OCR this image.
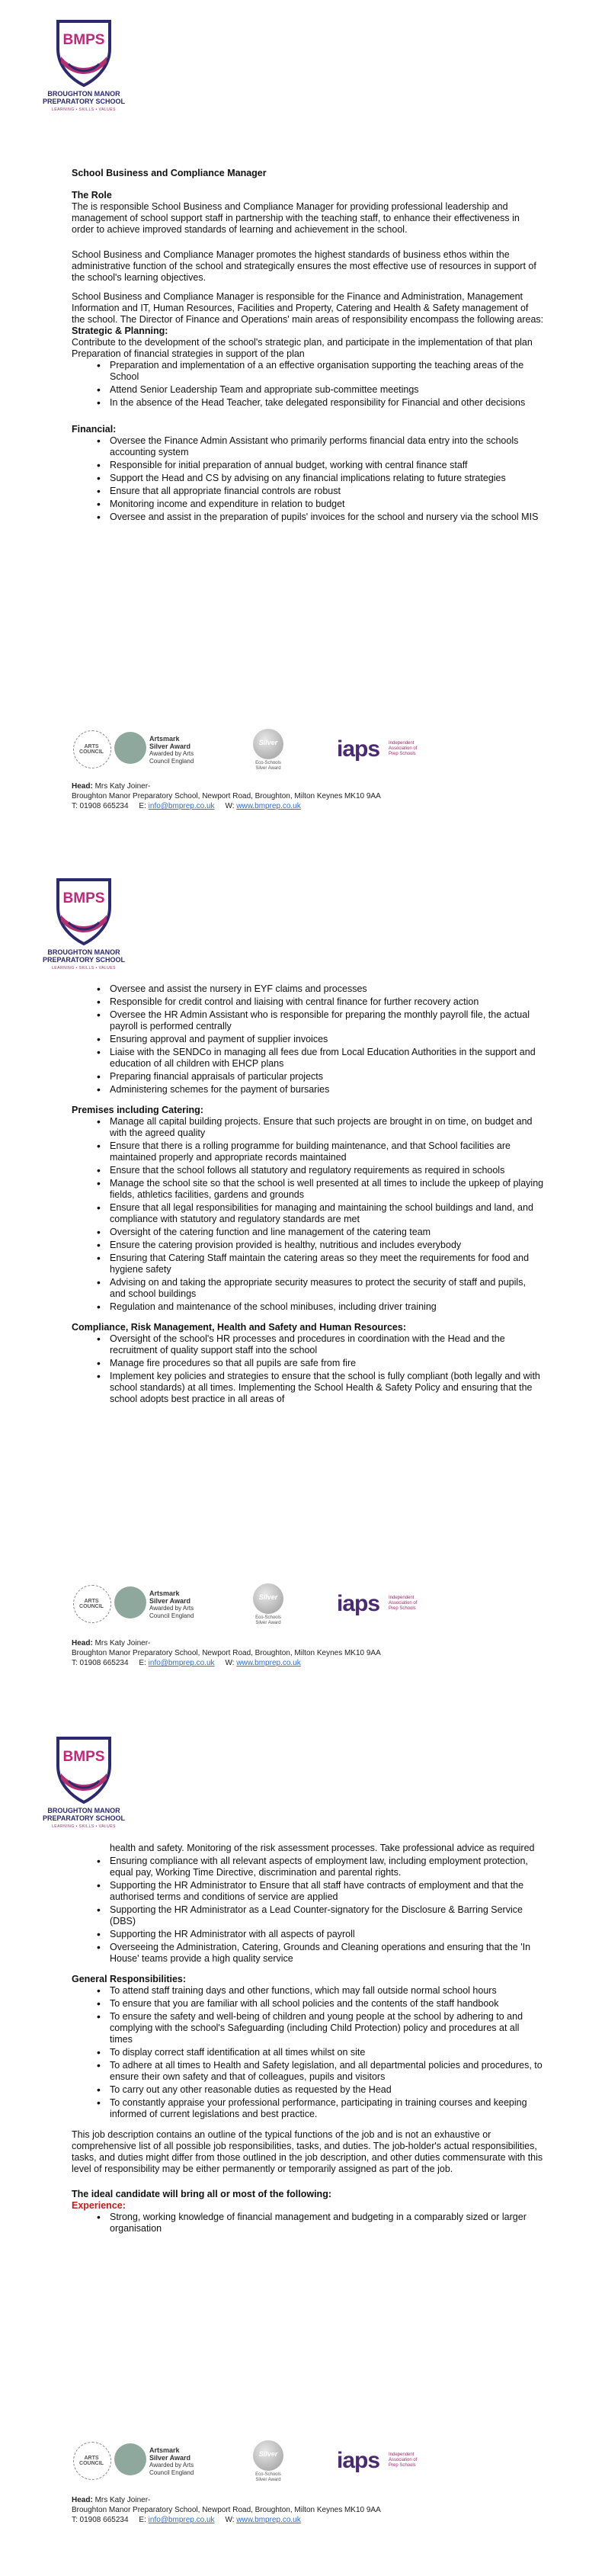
BMPS
BROUGHTON MANOR
PREPARATORY SCHOOL
LEARNING • SKILLS • VALUES
School Business and Compliance Manager
The Role

The is responsible School Business and Compliance Manager for providing professional leadership and management of school support staff in partnership with the teaching staff, to enhance their effectiveness in order to achieve improved standards of learning and achievement in the school.

School Business and Compliance Manager promotes the highest standards of business ethos within the administrative function of the school and strategically ensures the most effective use of resources in support of the school's learning objectives.

School Business and Compliance Manager is responsible for the Finance and Administration, Management Information and IT, Human Resources, Facilities and Property, Catering and Health & Safety management of the school. The Director of Finance and Operations' main areas of responsibility encompass the following areas:

Strategic & Planning:
Contribute to the development of the school's strategic plan, and participate in the implementation of that plan
Preparation of financial strategies in support of the plan
• Preparation and implementation of a an effective organisation supporting the teaching areas of the School
• Attend Senior Leadership Team and appropriate sub-committee meetings
• In the absence of the Head Teacher, take delegated responsibility for Financial and other decisions
Financial:
• Oversee the Finance Admin Assistant who primarily performs financial data entry into the schools accounting system
• Responsible for initial preparation of annual budget, working with central finance staff
• Support the Head and CS by advising on any financial implications relating to future strategies
• Ensure that all appropriate financial controls are robust
• Monitoring income and expenditure in relation to budget
• Oversee and assist in the preparation of pupils' invoices for the school and nursery via the school MIS
ARTS COUNCIL
Artsmark
Silver Award
Awarded by Arts
Council England
Silver
Eco-Schools
Silver Award
iaps Independent Association of Prep Schools
Head: Mrs Katy Joiner-
Broughton Manor Preparatory School, Newport Road, Broughton, Milton Keynes MK10 9AA
T: 01908 665234 E: info@bmprep.co.uk W: www.bmprep.co.uk
BMPS
BROUGHTON MANOR
PREPARATORY SCHOOL
LEARNING • SKILLS • VALUES
• Oversee and assist the nursery in EYF claims and processes
• Responsible for credit control and liaising with central finance for further recovery action
• Oversee the HR Admin Assistant who is responsible for preparing the monthly payroll file, the actual payroll is performed centrally
• Ensuring approval and payment of supplier invoices
• Liaise with the SENDCo in managing all fees due from Local Education Authorities in the support and education of all children with EHCP plans
• Preparing financial appraisals of particular projects
• Administering schemes for the payment of bursaries
Premises including Catering:
• Manage all capital building projects. Ensure that such projects are brought in on time, on budget and with the agreed quality
• Ensure that there is a rolling programme for building maintenance, and that School facilities are maintained properly and appropriate records maintained
• Ensure that the school follows all statutory and regulatory requirements as required in schools
• Manage the school site so that the school is well presented at all times to include the upkeep of playing fields, athletics facilities, gardens and grounds
• Ensure that all legal responsibilities for managing and maintaining the school buildings and land, and compliance with statutory and regulatory standards are met
• Oversight of the catering function and line management of the catering team
• Ensure the catering provision provided is healthy, nutritious and includes everybody
• Ensuring that Catering Staff maintain the catering areas so they meet the requirements for food and hygiene safety
• Advising on and taking the appropriate security measures to protect the security of staff and pupils, and school buildings
• Regulation and maintenance of the school minibuses, including driver training
Compliance, Risk Management, Health and Safety and Human Resources:
• Oversight of the school's HR processes and procedures in coordination with the Head and the recruitment of quality support staff into the school
• Manage fire procedures so that all pupils are safe from fire
• Implement key policies and strategies to ensure that the school is fully compliant (both legally and with school standards) at all times. Implementing the School Health & Safety Policy and ensuring that the school adopts best practice in all areas of
ARTS COUNCIL
Artsmark
Silver Award
Awarded by Arts
Council England
Silver
Eco-Schools
Silver Award
iaps Independent Association of Prep Schools
Head: Mrs Katy Joiner-
Broughton Manor Preparatory School, Newport Road, Broughton, Milton Keynes MK10 9AA
T: 01908 665234 E: info@bmprep.co.uk W: www.bmprep.co.uk
BMPS
BROUGHTON MANOR
PREPARATORY SCHOOL
LEARNING • SKILLS • VALUES
health and safety. Monitoring of the risk assessment processes. Take professional advice as required
• Ensuring compliance with all relevant aspects of employment law, including employment protection, equal pay, Working Time Directive, discrimination and parental rights.
• Supporting the HR Administrator to Ensure that all staff have contracts of employment and that the authorised terms and conditions of service are applied
• Supporting the HR Administrator as a Lead Counter-signatory for the Disclosure & Barring Service (DBS)
• Supporting the HR Administrator with all aspects of payroll
• Overseeing the Administration, Catering, Grounds and Cleaning operations and ensuring that the 'In House' teams provide a high quality service
General Responsibilities:
• To attend staff training days and other functions, which may fall outside normal school hours
• To ensure that you are familiar with all school policies and the contents of the staff handbook
• To ensure the safety and well-being of children and young people at the school by adhering to and complying with the school's Safeguarding (including Child Protection) policy and procedures at all times
• To display correct staff identification at all times whilst on site
• To adhere at all times to Health and Safety legislation, and all departmental policies and procedures, to ensure their own safety and that of colleagues, pupils and visitors
• To carry out any other reasonable duties as requested by the Head
• To constantly appraise your professional performance, participating in training courses and keeping informed of current legislations and best practice.

This job description contains an outline of the typical functions of the job and is not an exhaustive or comprehensive list of all possible job responsibilities, tasks, and duties. The job-holder's actual responsibilities, tasks, and duties might differ from those outlined in the job description, and other duties commensurate with this level of responsibility may be either permanently or temporarily assigned as part of the job.

The ideal candidate will bring all or most of the following:
Experience:
• Strong, working knowledge of financial management and budgeting in a comparably sized or larger organisation
ARTS COUNCIL
Artsmark
Silver Award
Awarded by Arts
Council England
Silver
Eco-Schools
Silver Award
iaps Independent Association of Prep Schools
Head: Mrs Katy Joiner-
Broughton Manor Preparatory School, Newport Road, Broughton, Milton Keynes MK10 9AA
T: 01908 665234 E: info@bmprep.co.uk W: www.bmprep.co.uk
